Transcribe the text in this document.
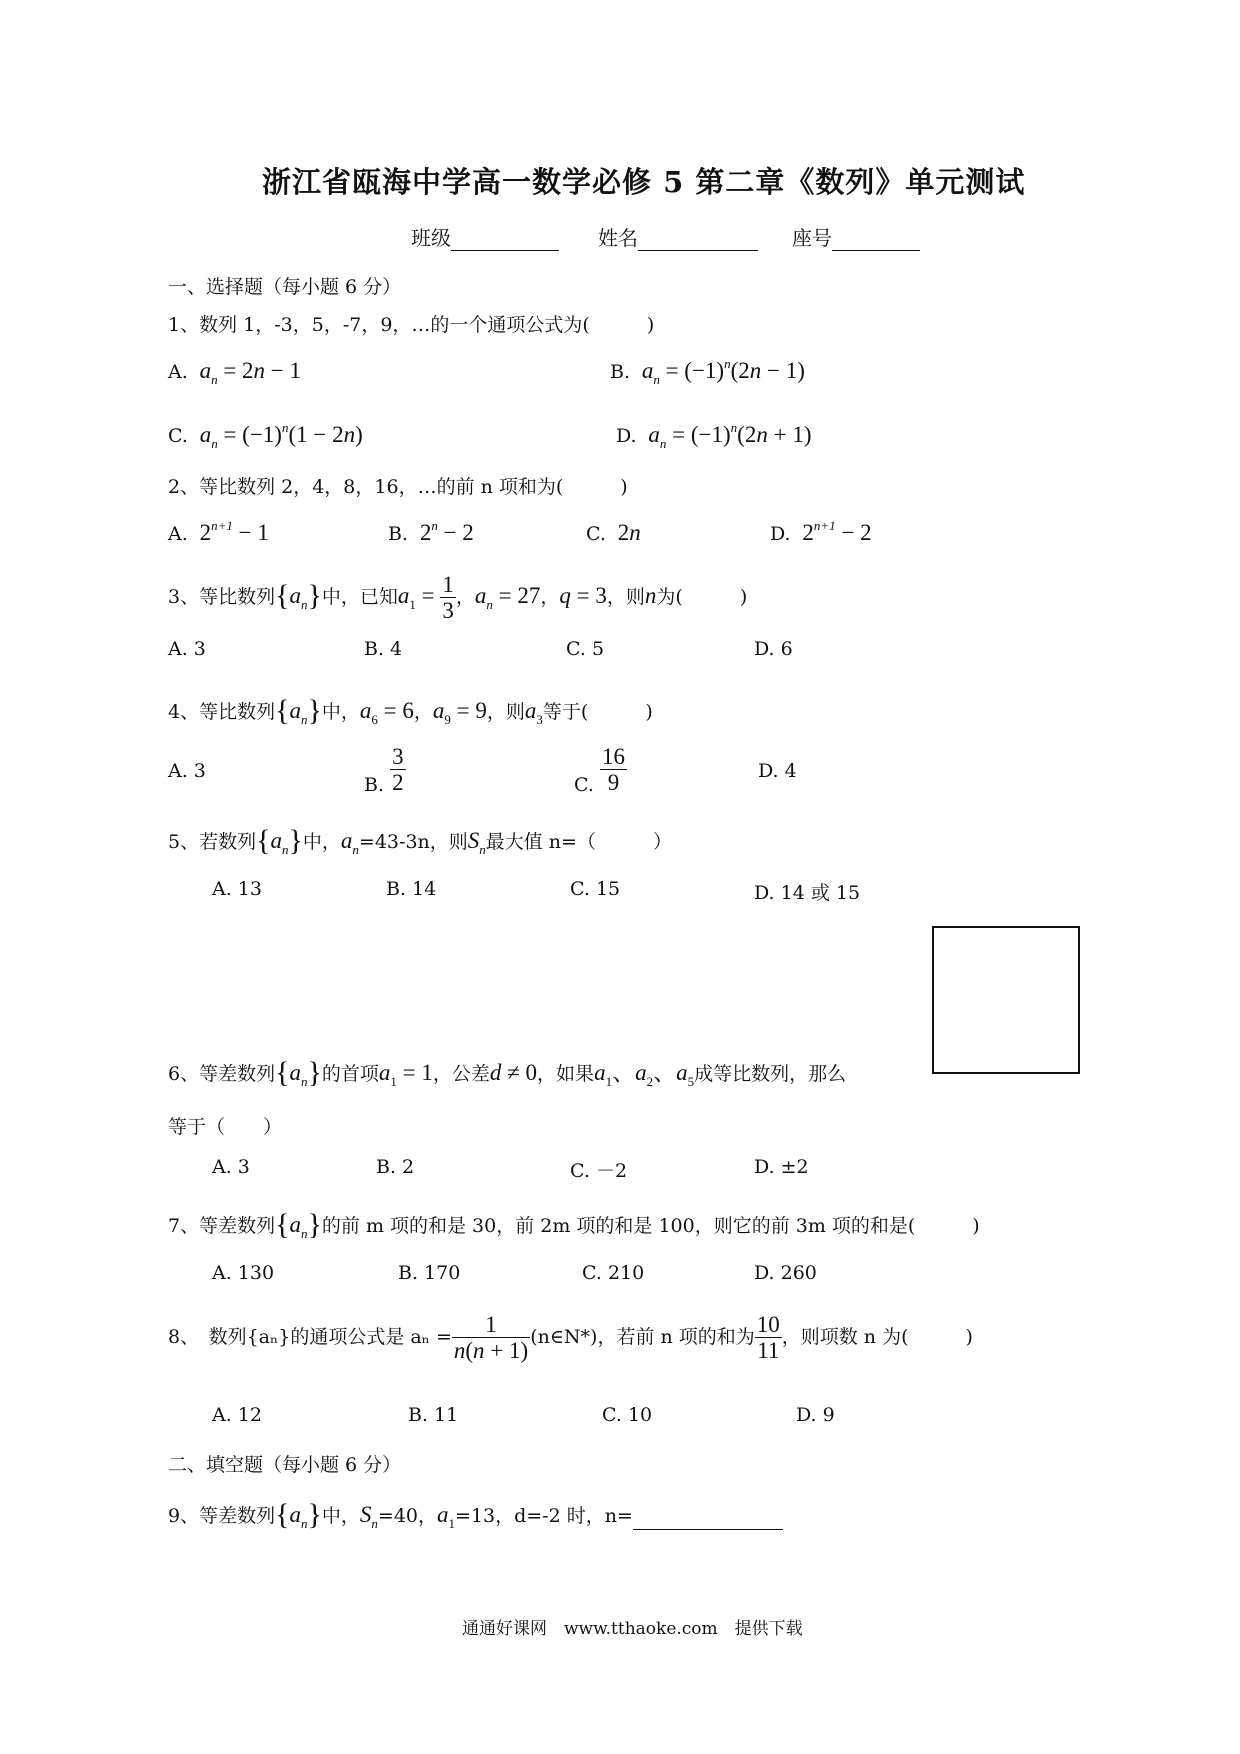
浙江省瓯海中学高一数学必修 5 第二章《数列》单元测试
班级	姓名	座号
一、选择题（每小题 6 分）
1、数列 1，-3，5，-7，9，…的一个通项公式为(　　　)
A. $a_n = 2n - 1$	B. $a_n = (-1)^n(2n - 1)$
C. $a_n = (-1)^n(1 - 2n)$	D. $a_n = (-1)^n(2n + 1)$
2、等比数列 2，4，8，16，…的前 n 项和为(　　　)
A.  $2^{n+1} - 1$	B.  $2^n - 2$	C.  2n	D.  $2^{n+1} - 2$
3、等比数列$\{a_n\}$中，已知$a_1 = \frac{1}{3}$ ，$a_n = 27$，q = 3，则n为(　　　)
A. 3	B. 4	C. 5	D. 6
4、等比数列$\{a_n\}$中，$a_6 = 6$，$a_9 = 9$，则$a_3$等于(　　　)
A. 3
B. $\frac{3}{2}$	C. $\frac{16}{9}$	D. 4
5、若数列$\{a_n\}$中，$a_n=43-3n$，则$S_n$最大值 n=（　　　）
A. 13	B. 14	C. 15	D. 14 或 15
6、等差数列$\{a_n\}$的首项$a_1 = 1$，公差d ≠ 0，如果$a_1$、$a_2$、$a_5$成等比数列，那么
等于（　　）
A. 3	B. 2	C. －2	D. ±2
7、等差数列$\{a_n\}$的前 m 项的和是 30，前 2m 项的和是 100，则它的前 3m 项的和是(　　　)
A. 130	B. 170	C. 210	D. 260
8、　数列{aₙ}的通项公式是 $a_n = \frac{1}{n(n + 1)}$ (n∈N*)，若前 n 项的和为 $\frac{10}{11}$ ，则项数 n 为(　　　)
A. 12	B. 11	C. 10	D. 9
二、填空题（每小题 6 分）
9、等差数列$\{a_n\}$中，$S_n=40$，$a_1=13$，d=-2 时，n=
通通好课网　www.tthaoke.com　提供下载
